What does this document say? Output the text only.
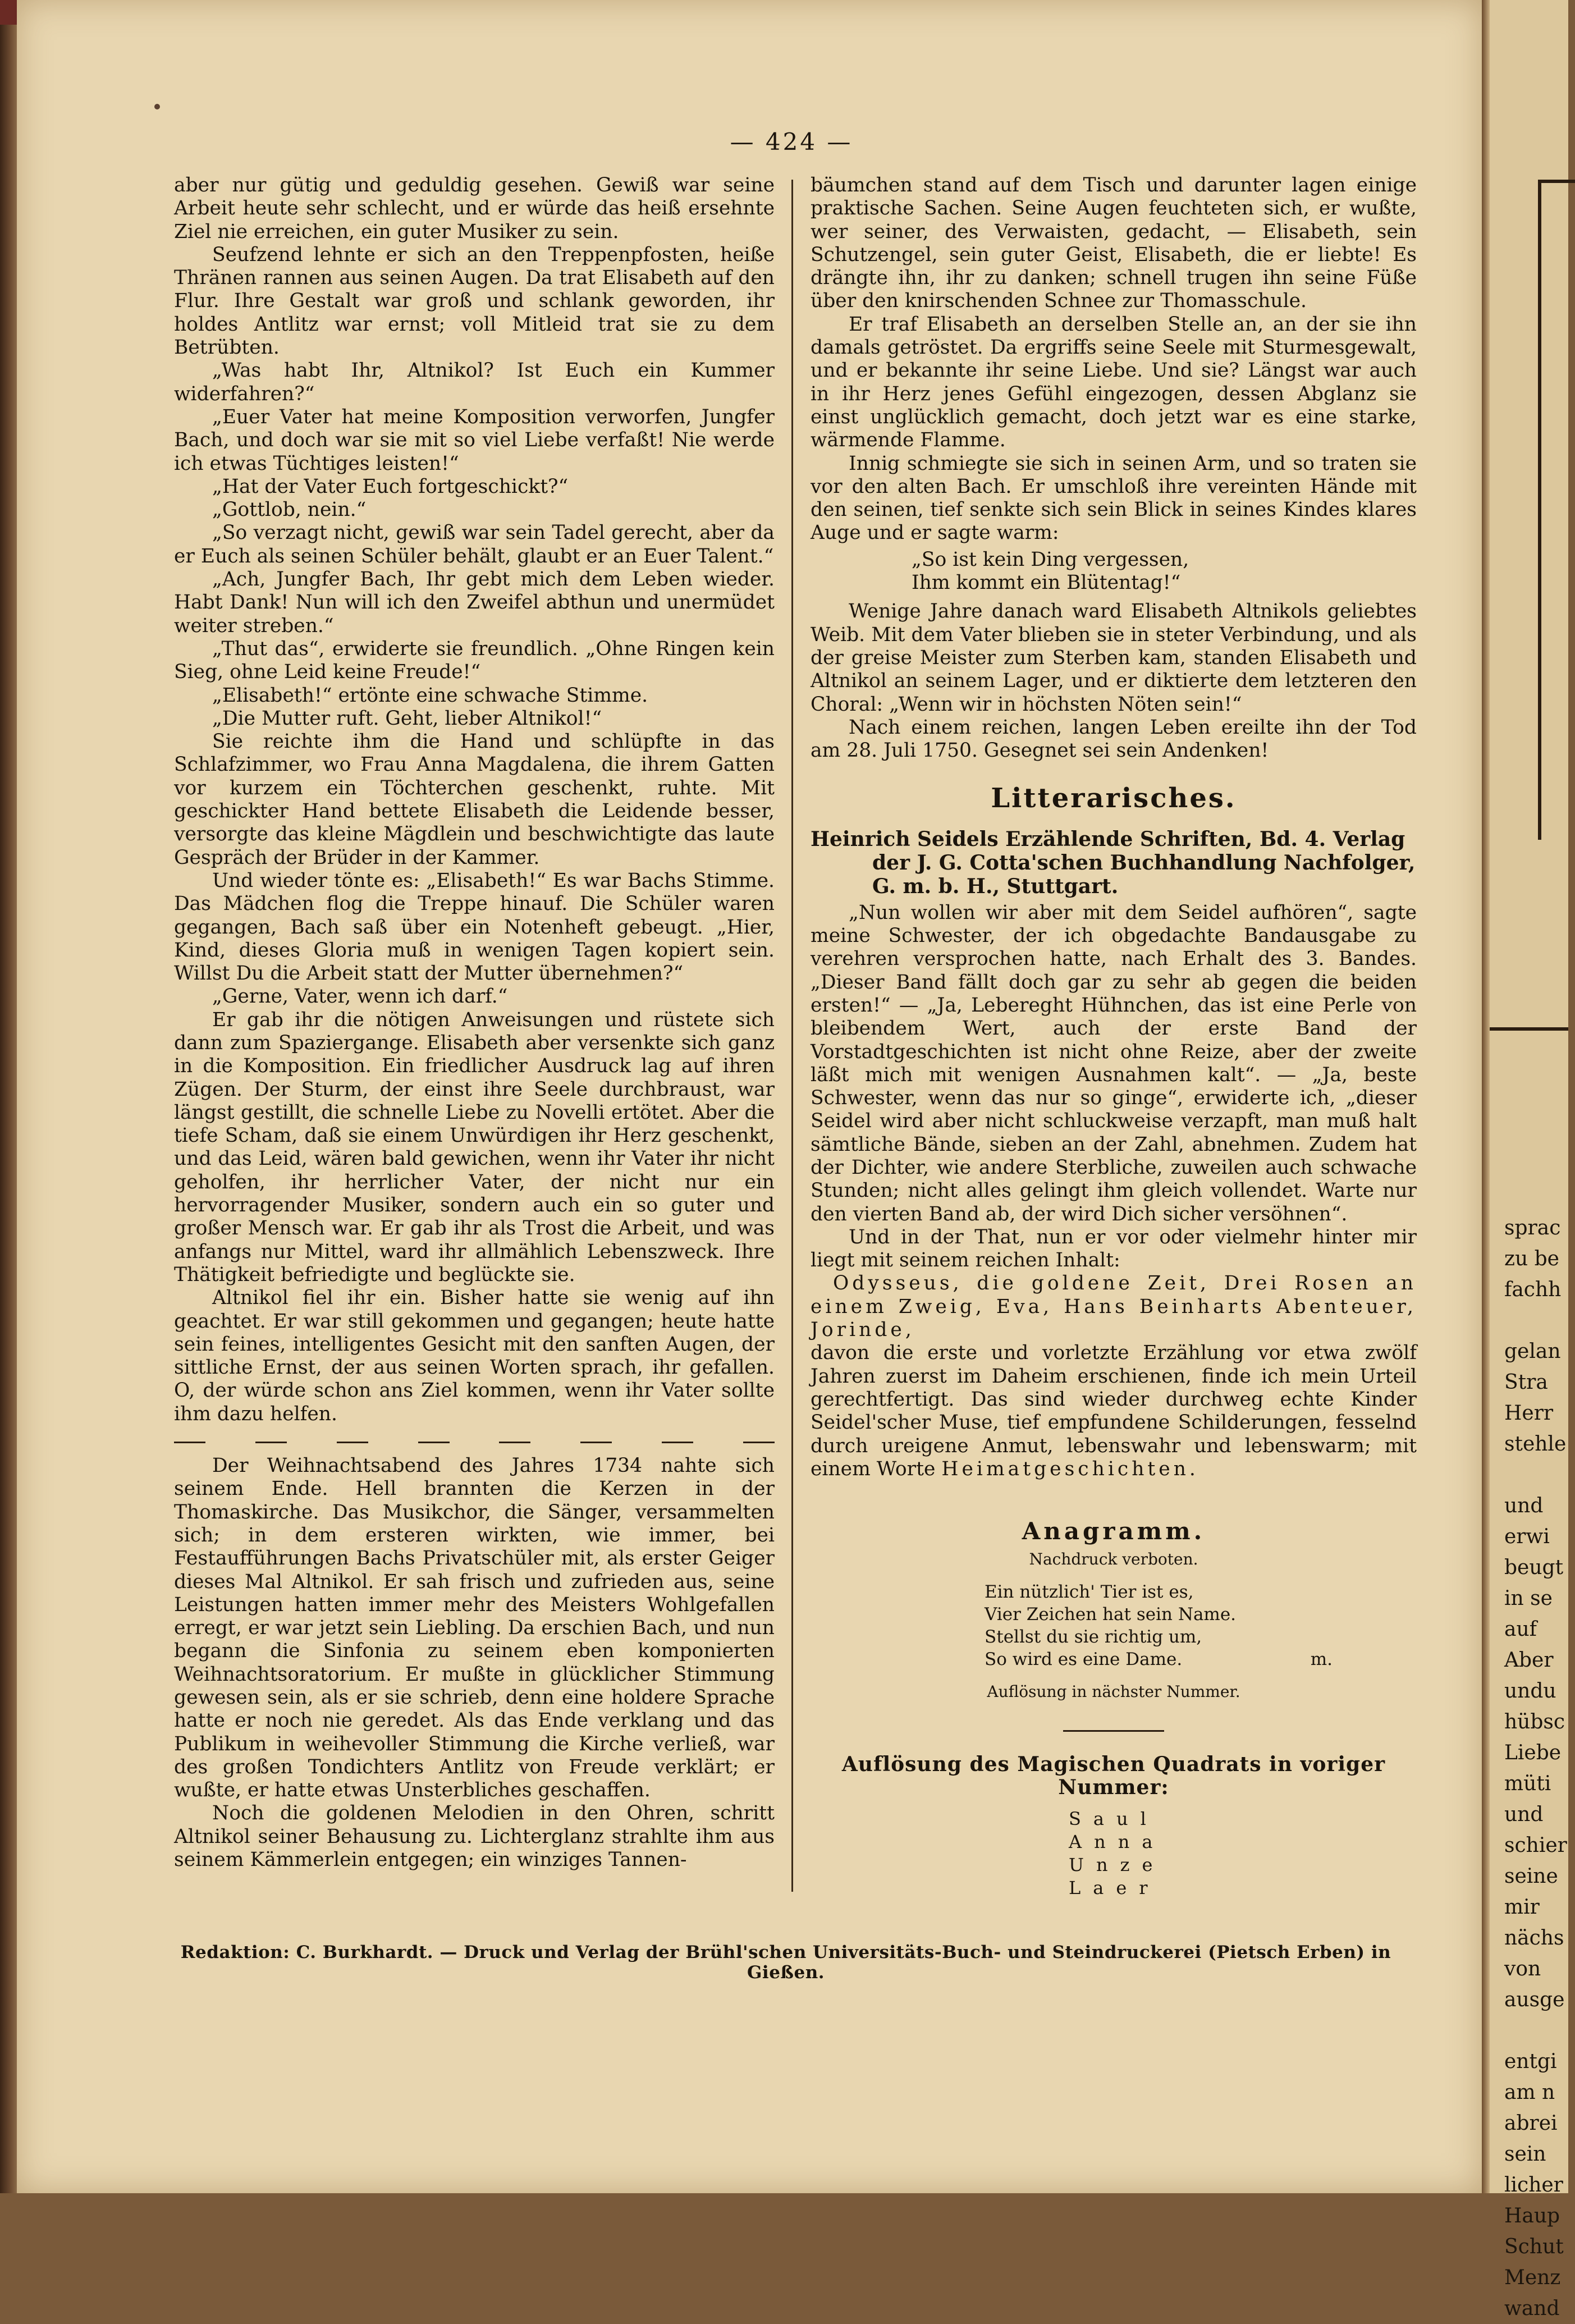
— 424 —

aber nur gütig und geduldig gesehen. Gewiß war seine Arbeit heute sehr schlecht, und er würde das heiß ersehnte Ziel nie erreichen, ein guter Musiker zu sein.

Seufzend lehnte er sich an den Treppenpfosten, heiße Thränen rannen aus seinen Augen. Da trat Elisabeth auf den Flur. Ihre Gestalt war groß und schlank geworden, ihr holdes Antlitz war ernst; voll Mitleid trat sie zu dem Betrübten.

„Was habt Ihr, Altnikol? Ist Euch ein Kummer widerfahren?“

„Euer Vater hat meine Komposition verworfen, Jungfer Bach, und doch war sie mit so viel Liebe verfaßt! Nie werde ich etwas Tüchtiges leisten!“

„Hat der Vater Euch fortgeschickt?“

„Gottlob, nein.“

„So verzagt nicht, gewiß war sein Tadel gerecht, aber da er Euch als seinen Schüler behält, glaubt er an Euer Talent.“

„Ach, Jungfer Bach, Ihr gebt mich dem Leben wieder. Habt Dank! Nun will ich den Zweifel abthun und unermüdet weiter streben.“

„Thut das“, erwiderte sie freundlich. „Ohne Ringen kein Sieg, ohne Leid keine Freude!“

„Elisabeth!“ ertönte eine schwache Stimme.

„Die Mutter ruft. Geht, lieber Altnikol!“

Sie reichte ihm die Hand und schlüpfte in das Schlafzimmer, wo Frau Anna Magdalena, die ihrem Gatten vor kurzem ein Töchterchen geschenkt, ruhte. Mit geschickter Hand bettete Elisabeth die Leidende besser, versorgte das kleine Mägdlein und beschwichtigte das laute Gespräch der Brüder in der Kammer.

Und wieder tönte es: „Elisabeth!“ Es war Bachs Stimme. Das Mädchen flog die Treppe hinauf. Die Schüler waren gegangen, Bach saß über ein Notenheft gebeugt. „Hier, Kind, dieses Gloria muß in wenigen Tagen kopiert sein. Willst Du die Arbeit statt der Mutter übernehmen?“

„Gerne, Vater, wenn ich darf.“

Er gab ihr die nötigen Anweisungen und rüstete sich dann zum Spaziergange. Elisabeth aber versenkte sich ganz in die Komposition. Ein friedlicher Ausdruck lag auf ihren Zügen. Der Sturm, der einst ihre Seele durchbraust, war längst gestillt, die schnelle Liebe zu Novelli ertötet. Aber die tiefe Scham, daß sie einem Unwürdigen ihr Herz geschenkt, und das Leid, wären bald gewichen, wenn ihr Vater ihr nicht geholfen, ihr herrlicher Vater, der nicht nur ein hervorragender Musiker, sondern auch ein so guter und großer Mensch war. Er gab ihr als Trost die Arbeit, und was anfangs nur Mittel, ward ihr allmählich Lebenszweck. Ihre Thätigkeit befriedigte und beglückte sie.

Altnikol fiel ihr ein. Bisher hatte sie wenig auf ihn geachtet. Er war still gekommen und gegangen; heute hatte sein feines, intelligentes Gesicht mit den sanften Augen, der sittliche Ernst, der aus seinen Worten sprach, ihr gefallen. O, der würde schon ans Ziel kommen, wenn ihr Vater sollte ihm dazu helfen.

Der Weihnachtsabend des Jahres 1734 nahte sich seinem Ende. Hell brannten die Kerzen in der Thomaskirche. Das Musikchor, die Sänger, versammelten sich; in dem ersteren wirkten, wie immer, bei Festaufführungen Bachs Privatschüler mit, als erster Geiger dieses Mal Altnikol. Er sah frisch und zufrieden aus, seine Leistungen hatten immer mehr des Meisters Wohlgefallen erregt, er war jetzt sein Liebling. Da erschien Bach, und nun begann die Sinfonia zu seinem eben komponierten Weihnachtsoratorium. Er mußte in glücklicher Stimmung gewesen sein, als er sie schrieb, denn eine holdere Sprache hatte er noch nie geredet. Als das Ende verklang und das Publikum in weihevoller Stimmung die Kirche verließ, war des großen Tondichters Antlitz von Freude verklärt; er wußte, er hatte etwas Unsterbliches geschaffen.

Noch die goldenen Melodien in den Ohren, schritt Altnikol seiner Behausung zu. Lichterglanz strahlte ihm aus seinem Kämmerlein entgegen; ein winziges Tannen-

bäumchen stand auf dem Tisch und darunter lagen einige praktische Sachen. Seine Augen feuchteten sich, er wußte, wer seiner, des Verwaisten, gedacht, — Elisabeth, sein Schutzengel, sein guter Geist, Elisabeth, die er liebte! Es drängte ihn, ihr zu danken; schnell trugen ihn seine Füße über den knirschenden Schnee zur Thomasschule.

Er traf Elisabeth an derselben Stelle an, an der sie ihn damals getröstet. Da ergriffs seine Seele mit Sturmesgewalt, und er bekannte ihr seine Liebe. Und sie? Längst war auch in ihr Herz jenes Gefühl eingezogen, dessen Abglanz sie einst unglücklich gemacht, doch jetzt war es eine starke, wärmende Flamme.

Innig schmiegte sie sich in seinen Arm, und so traten sie vor den alten Bach. Er umschloß ihre vereinten Hände mit den seinen, tief senkte sich sein Blick in seines Kindes klares Auge und er sagte warm:

„So ist kein Ding vergessen,
Ihm kommt ein Blütentag!“

Wenige Jahre danach ward Elisabeth Altnikols geliebtes Weib. Mit dem Vater blieben sie in steter Verbindung, und als der greise Meister zum Sterben kam, standen Elisabeth und Altnikol an seinem Lager, und er diktierte dem letzteren den Choral: „Wenn wir in höchsten Nöten sein!“

Nach einem reichen, langen Leben ereilte ihn der Tod am 28. Juli 1750. Gesegnet sei sein Andenken!

Litterarisches.
Heinrich Seidels Erzählende Schriften, Bd. 4. Verlag der J. G. Cotta'schen Buchhandlung Nachfolger, G. m. b. H., Stuttgart.

„Nun wollen wir aber mit dem Seidel aufhören“, sagte meine Schwester, der ich obgedachte Bandausgabe zu verehren versprochen hatte, nach Erhalt des 3. Bandes. „Dieser Band fällt doch gar zu sehr ab gegen die beiden ersten!“ — „Ja, Lebereght Hühnchen, das ist eine Perle von bleibendem Wert, auch der erste Band der Vorstadtgeschichten ist nicht ohne Reize, aber der zweite läßt mich mit wenigen Ausnahmen kalt“. — „Ja, beste Schwester, wenn das nur so ginge“, erwiderte ich, „dieser Seidel wird aber nicht schluckweise verzapft, man muß halt sämtliche Bände, sieben an der Zahl, abnehmen. Zudem hat der Dichter, wie andere Sterbliche, zuweilen auch schwache Stunden; nicht alles gelingt ihm gleich vollendet. Warte nur den vierten Band ab, der wird Dich sicher versöhnen“.

Und in der That, nun er vor oder vielmehr hinter mir liegt mit seinem reichen Inhalt:

Odysseus, die goldene Zeit, Drei Rosen an einem Zweig, Eva, Hans Beinharts Abenteuer, Jorinde,

davon die erste und vorletzte Erzählung vor etwa zwölf Jahren zuerst im Daheim erschienen, finde ich mein Urteil gerechtfertigt. Das sind wieder durchweg echte Kinder Seidel'scher Muse, tief empfundene Schilderungen, fesselnd durch ureigene Anmut, lebenswahr und lebenswarm; mit einem Worte Heimatgeschichten.

Anagramm.
Nachdruck verboten.
Ein nützlich' Tier ist es,
Vier Zeichen hat sein Name.
Stellst du sie richtig um,
So wird es eine Dame.	m.
Auflösung in nächster Nummer.
Auflösung des Magischen Quadrats in voriger Nummer:
Saul
Anna
Unze
Laer
Redaktion: C. Burkhardt. — Druck und Verlag der Brühl'schen Universitäts-Buch- und Steindruckerei (Pietsch Erben) in Gießen.
sprac
zu be
fachh

gelan
Stra
Herr
stehle

und
erwi
beugt
in se
auf
Aber
undu
hübsc
Liebe
müti
und
schier
seine
mir
nächs
von
ausge

entgi
am n
abrei
sein
licher
Haup
Schut
Menz
wand
